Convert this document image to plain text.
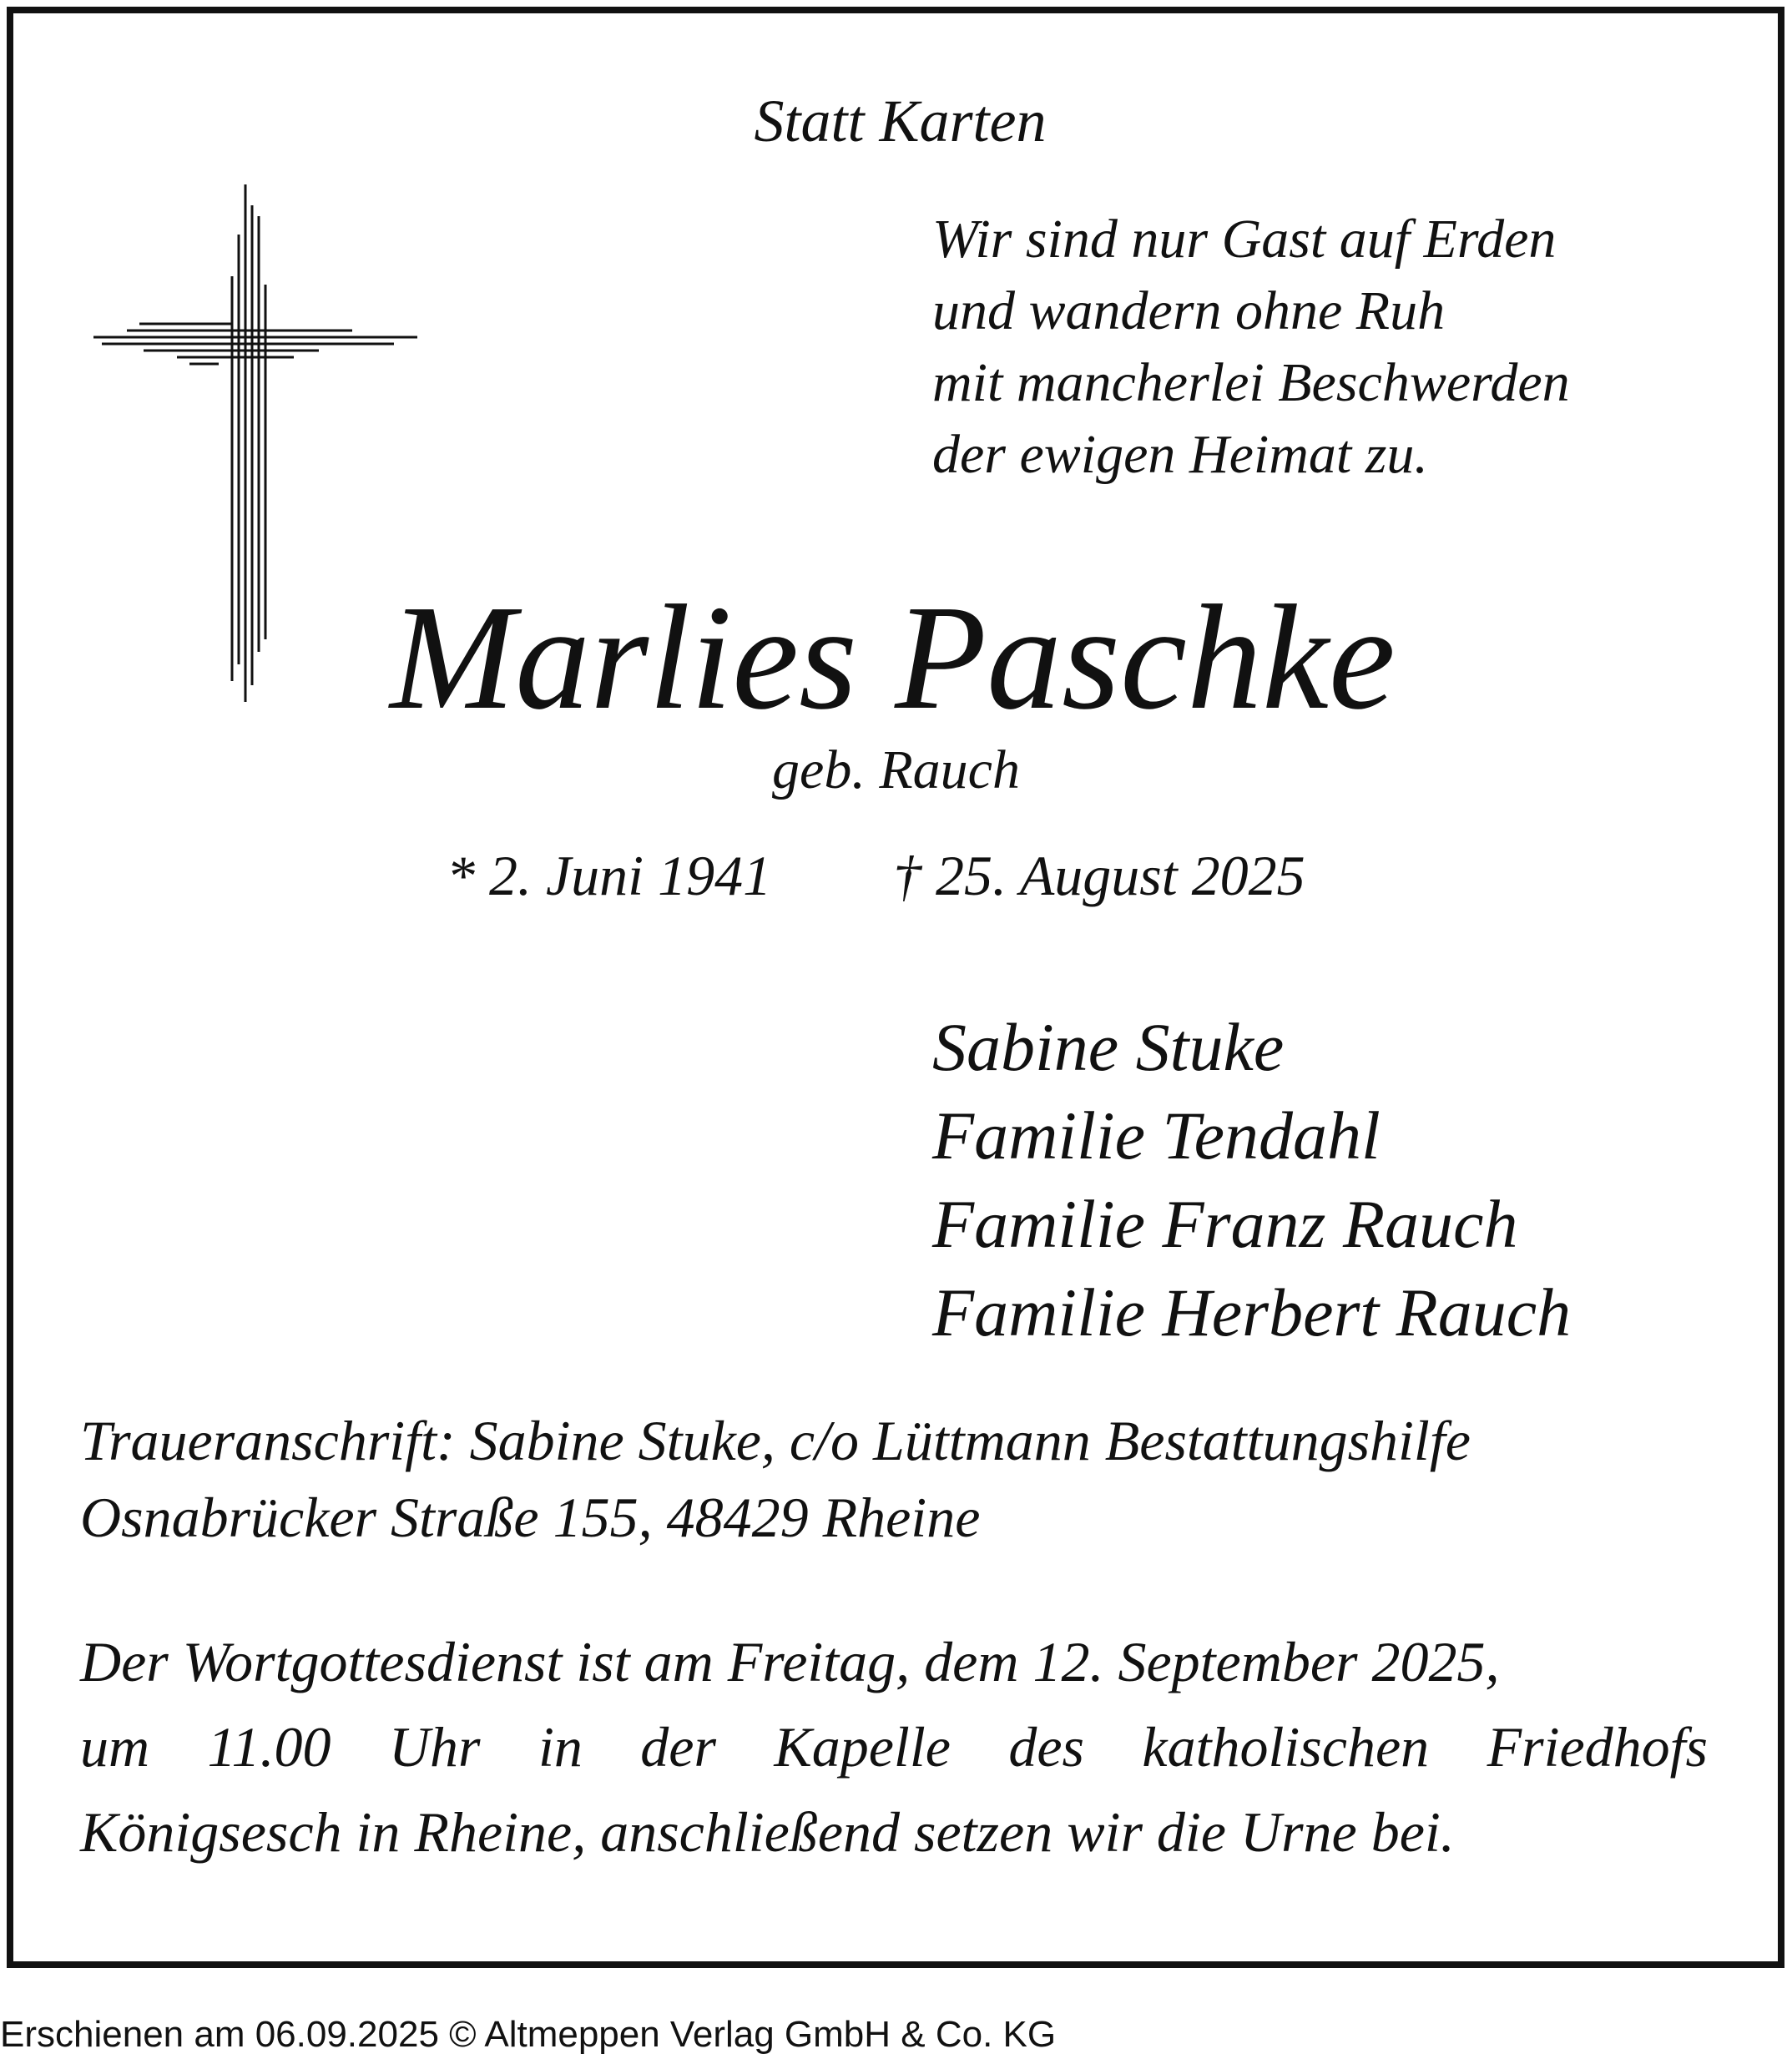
Statt Karten

Wir sind nur Gast auf Erden
und wandern ohne Ruh
mit mancherlei Beschwerden
der ewigen Heimat zu.

Marlies Paschke

geb. Rauch

* 2. Juni 1941 † 25. August 2025

Sabine Stuke
Familie Tendahl
Familie Franz Rauch
Familie Herbert Rauch
Traueranschrift: Sabine Stuke, c/o Lüttmann Bestattungshilfe
Osnabrücker Straße 155, 48429 Rheine
Der Wortgottesdienst ist am Freitag, dem 12. September 2025,
um 11.00 Uhr in der Kapelle des katholischen Friedhofs
Königsesch in Rheine, anschließend setzen wir die Urne bei.
Erschienen am 06.09.2025 © Altmeppen Verlag GmbH & Co. KG
